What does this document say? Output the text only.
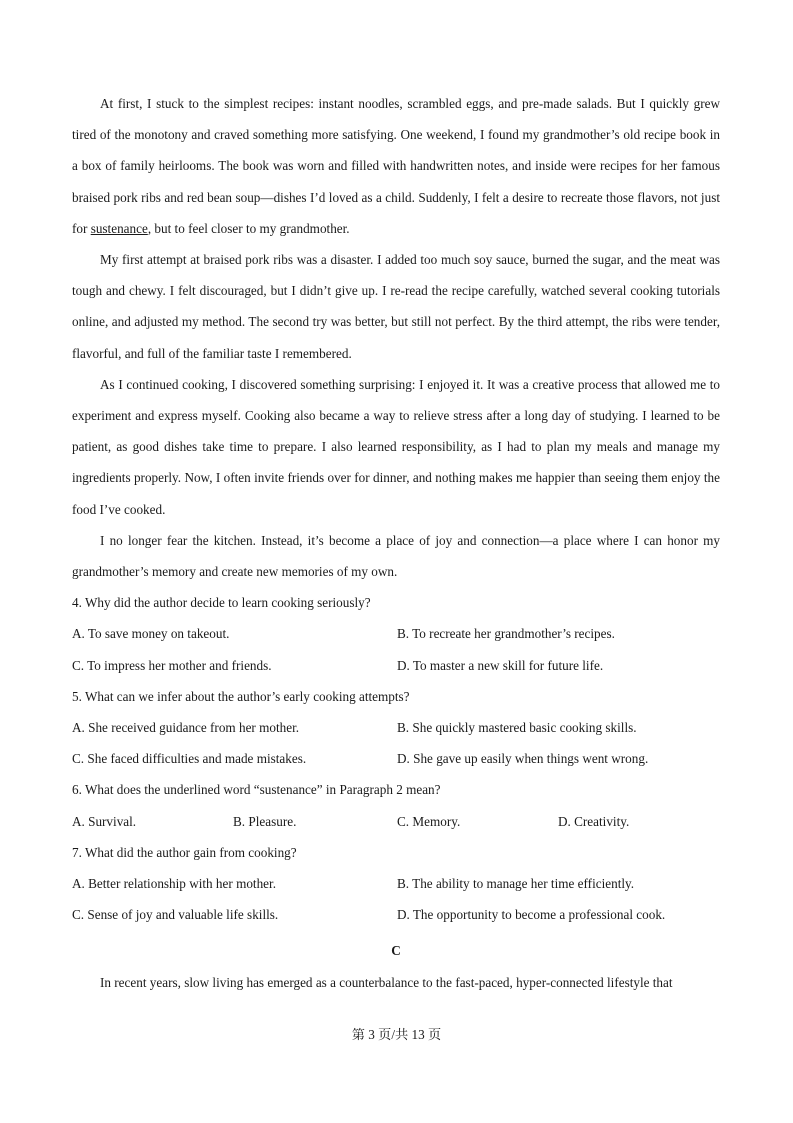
At first, I stuck to the simplest recipes: instant noodles, scrambled eggs, and pre-made salads. But I quickly grew tired of the monotony and craved something more satisfying. One weekend, I found my grandmother’s old recipe book in a box of family heirlooms. The book was worn and filled with handwritten notes, and inside were recipes for her famous braised pork ribs and red bean soup—dishes I’d loved as a child. Suddenly, I felt a desire to recreate those flavors, not just for sustenance, but to feel closer to my grandmother.

My first attempt at braised pork ribs was a disaster. I added too much soy sauce, burned the sugar, and the meat was tough and chewy. I felt discouraged, but I didn’t give up. I re-read the recipe carefully, watched several cooking tutorials online, and adjusted my method. The second try was better, but still not perfect. By the third attempt, the ribs were tender, flavorful, and full of the familiar taste I remembered.

As I continued cooking, I discovered something surprising: I enjoyed it. It was a creative process that allowed me to experiment and express myself. Cooking also became a way to relieve stress after a long day of studying. I learned to be patient, as good dishes take time to prepare. I also learned responsibility, as I had to plan my meals and manage my ingredients properly. Now, I often invite friends over for dinner, and nothing makes me happier than seeing them enjoy the food I’ve cooked.

I no longer fear the kitchen. Instead, it’s become a place of joy and connection—a place where I can honor my grandmother’s memory and create new memories of my own.

4. Why did the author decide to learn cooking seriously?

A. To save money on takeout.	B. To recreate her grandmother’s recipes.
C. To impress her mother and friends.	D. To master a new skill for future life.

5. What can we infer about the author’s early cooking attempts?

A. She received guidance from her mother.	B. She quickly mastered basic cooking skills.
C. She faced difficulties and made mistakes.	D. She gave up easily when things went wrong.

6. What does the underlined word “sustenance” in Paragraph 2 mean?

A. Survival.	B. Pleasure.	C. Memory.	D. Creativity.

7. What did the author gain from cooking?

A. Better relationship with her mother.	B. The ability to manage her time efficiently.
C. Sense of joy and valuable life skills.	D. The opportunity to become a professional cook.
C

In recent years, slow living has emerged as a counterbalance to the fast-paced, hyper-connected lifestyle that

第 3 页/共 13 页
